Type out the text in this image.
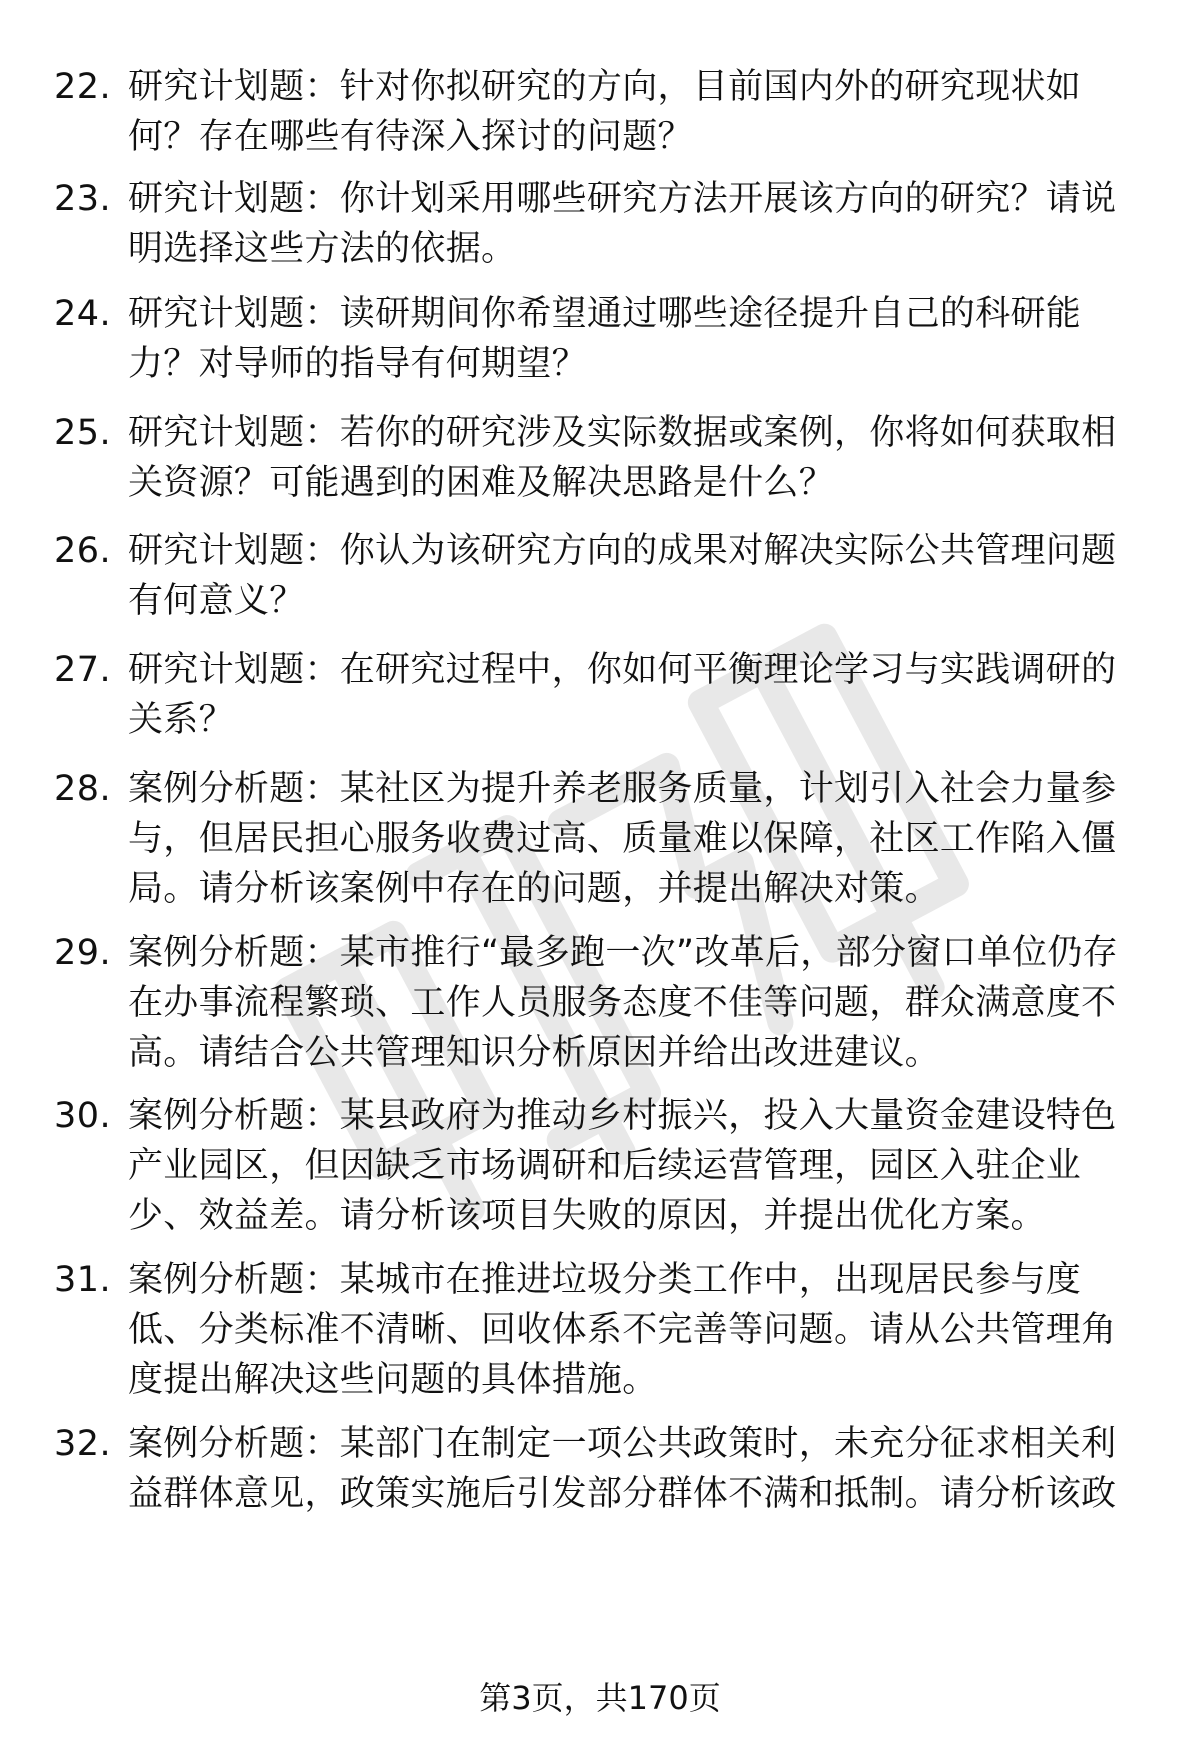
22. 研究计划题：针对你拟研究的方向，目前国内外的研究现状如何？存在哪些有待深入探讨的问题？
23. 研究计划题：你计划采用哪些研究方法开展该方向的研究？请说明选择这些方法的依据。
24. 研究计划题：读研期间你希望通过哪些途径提升自己的科研能力？对导师的指导有何期望？
25. 研究计划题：若你的研究涉及实际数据或案例，你将如何获取相关资源？可能遇到的困难及解决思路是什么？
26. 研究计划题：你认为该研究方向的成果对解决实际公共管理问题有何意义？
27. 研究计划题：在研究过程中，你如何平衡理论学习与实践调研的关系？
28. 案例分析题：某社区为提升养老服务质量，计划引入社会力量参与，但居民担心服务收费过高、质量难以保障，社区工作陷入僵局。请分析该案例中存在的问题，并提出解决对策。
29. 案例分析题：某市推行“最多跑一次”改革后，部分窗口单位仍存在办事流程繁琐、工作人员服务态度不佳等问题，群众满意度不高。请结合公共管理知识分析原因并给出改进建议。
30. 案例分析题：某县政府为推动乡村振兴，投入大量资金建设特色产业园区，但因缺乏市场调研和后续运营管理，园区入驻企业少、效益差。请分析该项目失败的原因，并提出优化方案。
31. 案例分析题：某城市在推进垃圾分类工作中，出现居民参与度低、分类标准不清晰、回收体系不完善等问题。请从公共管理角度提出解决这些问题的具体措施。
32. 案例分析题：某部门在制定一项公共政策时，未充分征求相关利益群体意见，政策实施后引发部分群体不满和抵制。请分析该政
第3页，共170页
